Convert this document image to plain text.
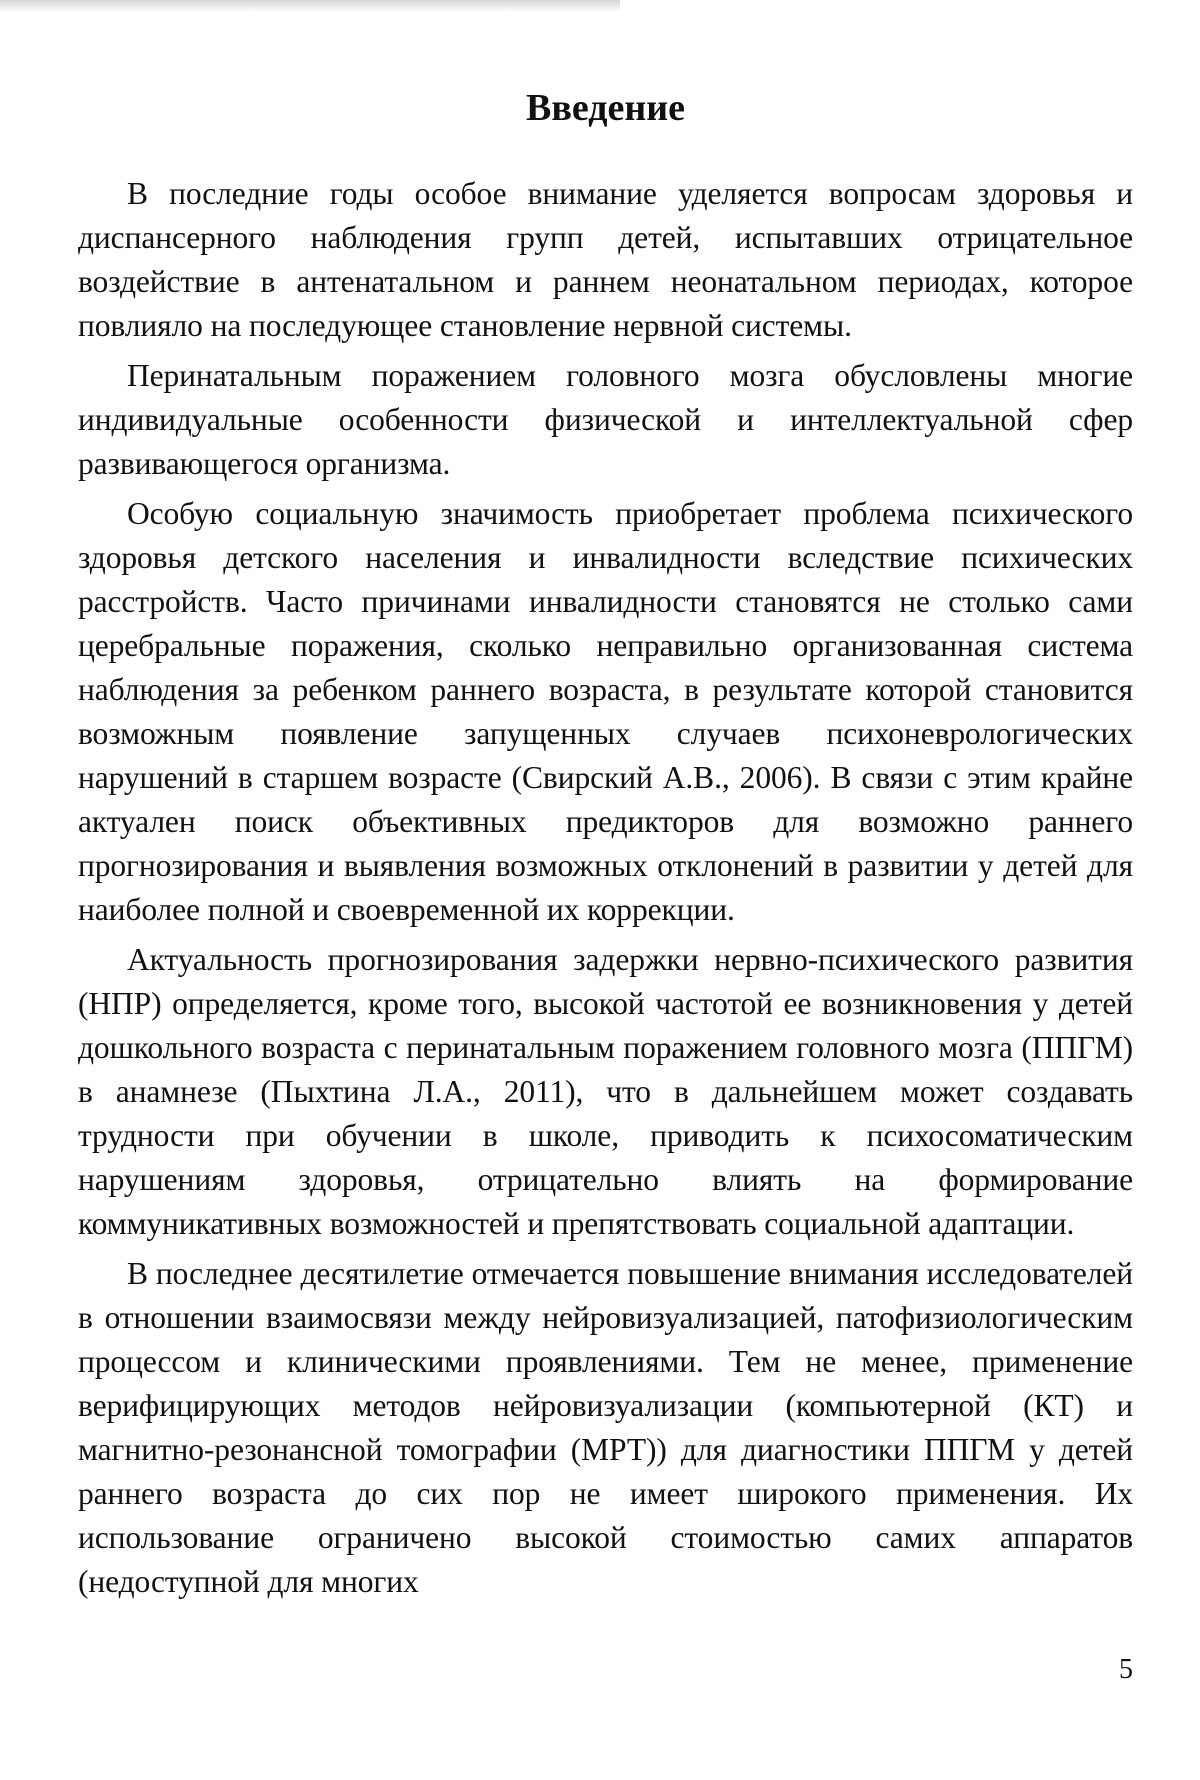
Введение

В последние годы особое внимание уделяется вопросам здоровья и диспансерного наблюдения групп детей, испытавших отрицательное воздействие в антенатальном и раннем неонатальном периодах, которое повлияло на последующее становление нервной системы.

Перинатальным поражением головного мозга обусловлены многие индивидуальные особенности физической и интеллектуальной сфер развивающегося организма.

Особую социальную значимость приобретает проблема психического здоровья детского населения и инвалидности вследствие психических расстройств. Часто причинами инвалидности становятся не столько сами церебральные поражения, сколько неправильно организованная система наблюдения за ребенком раннего возраста, в результате которой становится возможным появление запущенных случаев психоневрологических нарушений в старшем возрасте (Свирский А.В., 2006). В связи с этим крайне актуален поиск объективных предикторов для возможно раннего прогнозирования и выявления возможных отклонений в развитии у детей для наиболее полной и своевременной их коррекции.

Актуальность прогнозирования задержки нервно-психического развития (НПР) определяется, кроме того, высокой частотой ее возникновения у детей дошкольного возраста с перинатальным поражением головного мозга (ППГМ) в анамнезе (Пыхтина Л.А., 2011), что в дальнейшем может создавать трудности при обучении в школе, приводить к психосоматическим нарушениям здоровья, отрицательно влиять на формирование коммуникативных возможностей и препятствовать социальной адаптации.

В последнее десятилетие отмечается повышение внимания исследователей в отношении взаимосвязи между нейровизуализацией, патофизиологическим процессом и клиническими проявлениями. Тем не менее, применение верифицирующих методов нейровизуализации (компьютерной (КТ) и магнитно-резонансной томографии (МРТ)) для диагностики ППГМ у детей раннего возраста до сих пор не имеет широкого применения. Их использование ограничено высокой стоимостью самих аппаратов (недоступной для многих

5
